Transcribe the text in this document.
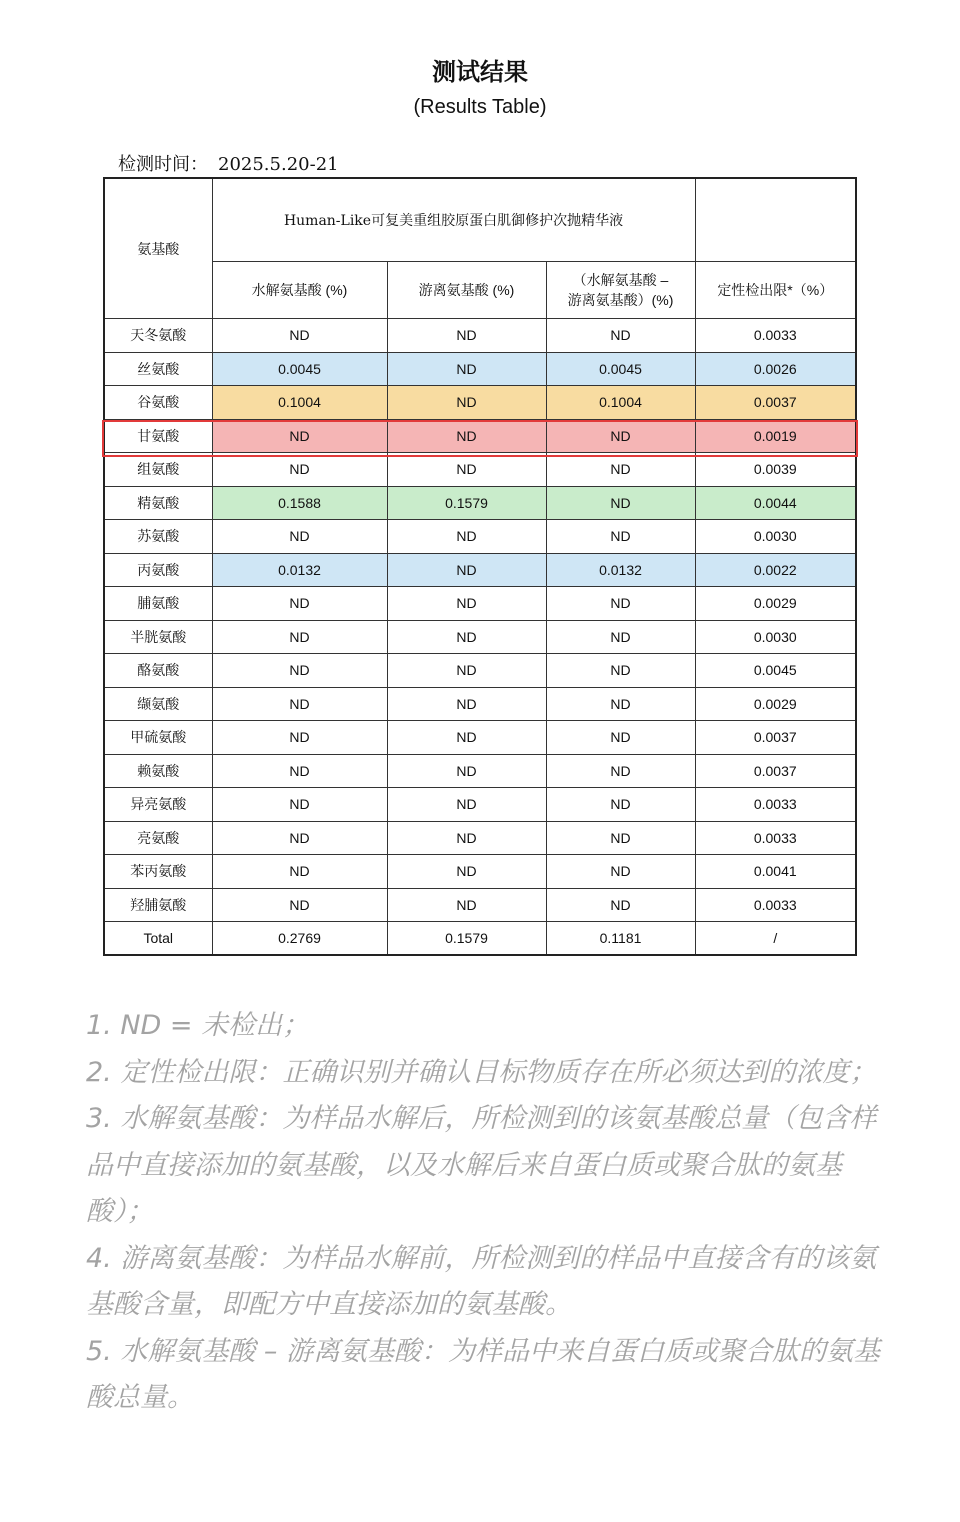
测试结果
(Results Table)
检测时间： 2025.5.20-21
氨基酸	Human-Like可复美重组胶原蛋白肌御修护次抛精华液			
	水解氨基酸 (%)	游离氨基酸 (%)	（水解氨基酸 –
游离氨基酸）(%)	定性检出限*（%）
天冬氨酸	ND	ND	ND	0.0033
丝氨酸	0.0045	ND	0.0045	0.0026
谷氨酸	0.1004	ND	0.1004	0.0037
甘氨酸	ND	ND	ND	0.0019
组氨酸	ND	ND	ND	0.0039
精氨酸	0.1588	0.1579	ND	0.0044
苏氨酸	ND	ND	ND	0.0030
丙氨酸	0.0132	ND	0.0132	0.0022
脯氨酸	ND	ND	ND	0.0029
半胱氨酸	ND	ND	ND	0.0030
酪氨酸	ND	ND	ND	0.0045
缬氨酸	ND	ND	ND	0.0029
甲硫氨酸	ND	ND	ND	0.0037
赖氨酸	ND	ND	ND	0.0037
异亮氨酸	ND	ND	ND	0.0033
亮氨酸	ND	ND	ND	0.0033
苯丙氨酸	ND	ND	ND	0.0041
羟脯氨酸	ND	ND	ND	0.0033
Total	0.2769	0.1579	0.1181	/

1. ND = 未检出；

2. 定性检出限：正确识别并确认目标物质存在所必须达到的浓度；

3. 水解氨基酸：为样品水解后，所检测到的该氨基酸总量（包含样品中直接添加的氨基酸，以及水解后来自蛋白质或聚合肽的氨基酸）；

4. 游离氨基酸：为样品水解前，所检测到的样品中直接含有的该氨基酸含量，即配方中直接添加的氨基酸。

5. 水解氨基酸 – 游离氨基酸：为样品中来自蛋白质或聚合肽的氨基酸总量。
